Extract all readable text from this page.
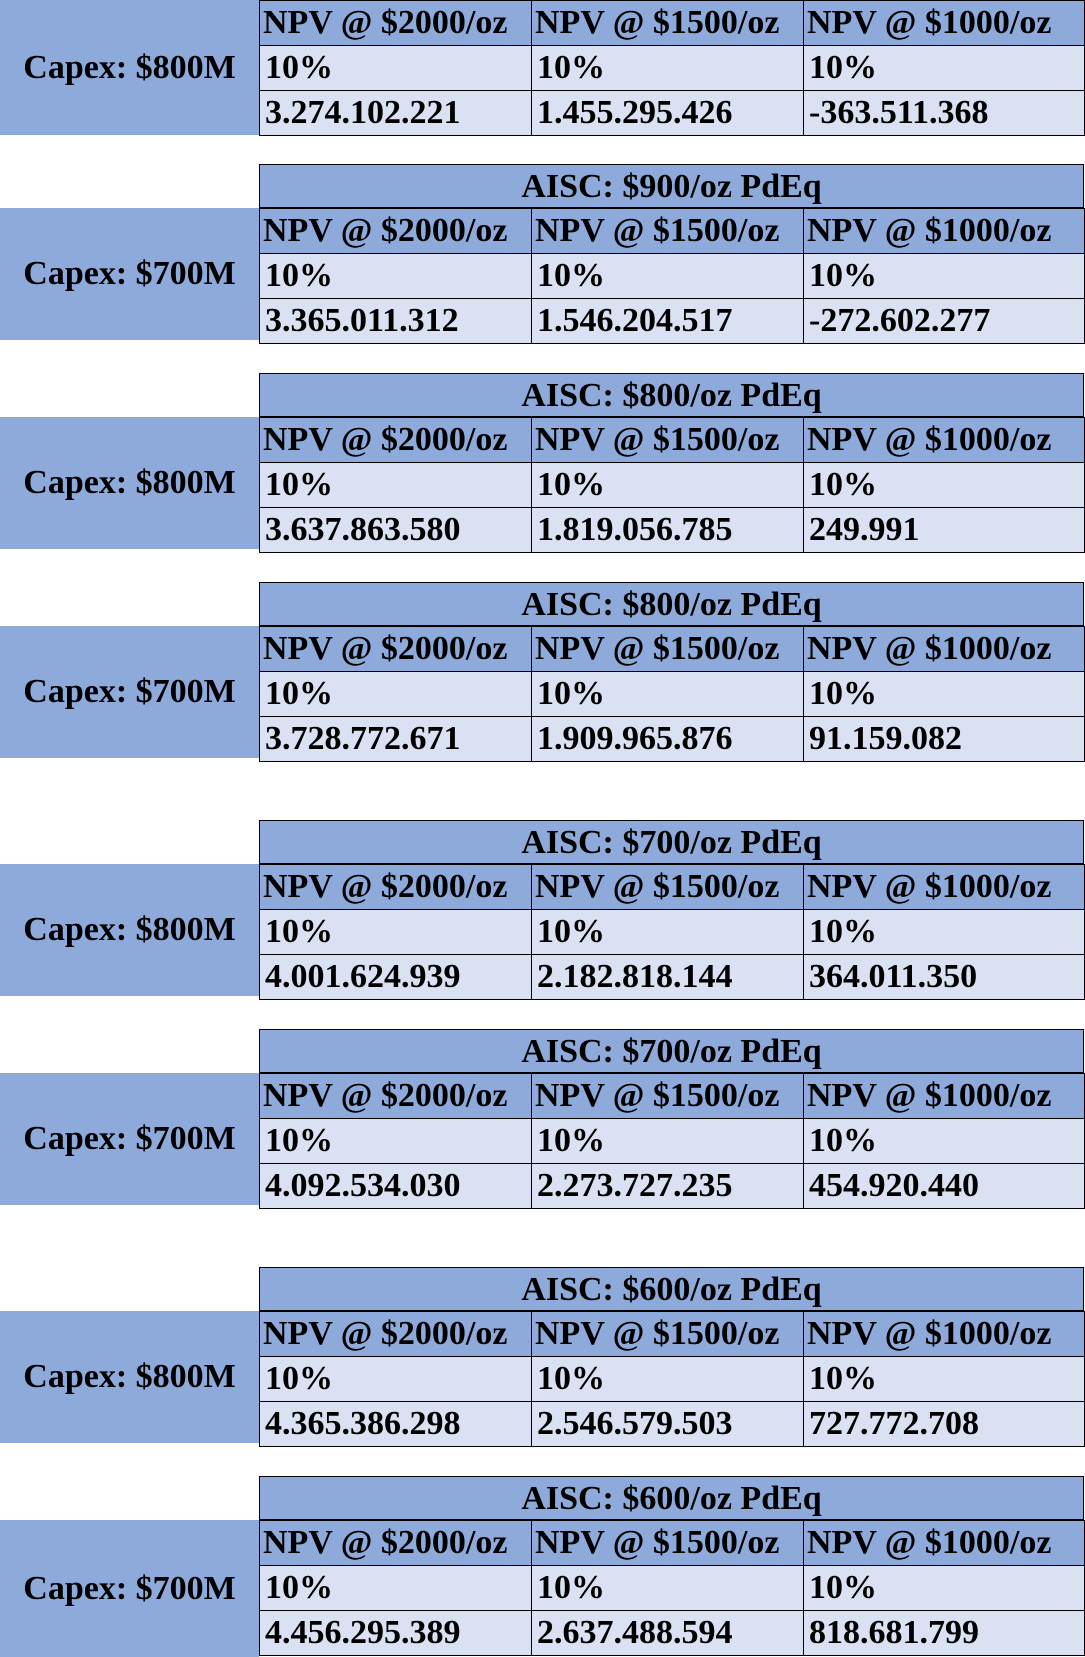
Capex: $800M
NPV @ $2000/oz	NPV @ $1500/oz	NPV @ $1000/oz
10%	10%	10%
3.274.102.221	1.455.295.426	-363.511.368
AISC: $900/oz PdEq
Capex: $700M
NPV @ $2000/oz	NPV @ $1500/oz	NPV @ $1000/oz
10%	10%	10%
3.365.011.312	1.546.204.517	-272.602.277
AISC: $800/oz PdEq
Capex: $800M
NPV @ $2000/oz	NPV @ $1500/oz	NPV @ $1000/oz
10%	10%	10%
3.637.863.580	1.819.056.785	249.991
AISC: $800/oz PdEq
Capex: $700M
NPV @ $2000/oz	NPV @ $1500/oz	NPV @ $1000/oz
10%	10%	10%
3.728.772.671	1.909.965.876	91.159.082
AISC: $700/oz PdEq
Capex: $800M
NPV @ $2000/oz	NPV @ $1500/oz	NPV @ $1000/oz
10%	10%	10%
4.001.624.939	2.182.818.144	364.011.350
AISC: $700/oz PdEq
Capex: $700M
NPV @ $2000/oz	NPV @ $1500/oz	NPV @ $1000/oz
10%	10%	10%
4.092.534.030	2.273.727.235	454.920.440
AISC: $600/oz PdEq
Capex: $800M
NPV @ $2000/oz	NPV @ $1500/oz	NPV @ $1000/oz
10%	10%	10%
4.365.386.298	2.546.579.503	727.772.708
AISC: $600/oz PdEq
Capex: $700M
NPV @ $2000/oz	NPV @ $1500/oz	NPV @ $1000/oz
10%	10%	10%
4.456.295.389	2.637.488.594	818.681.799
